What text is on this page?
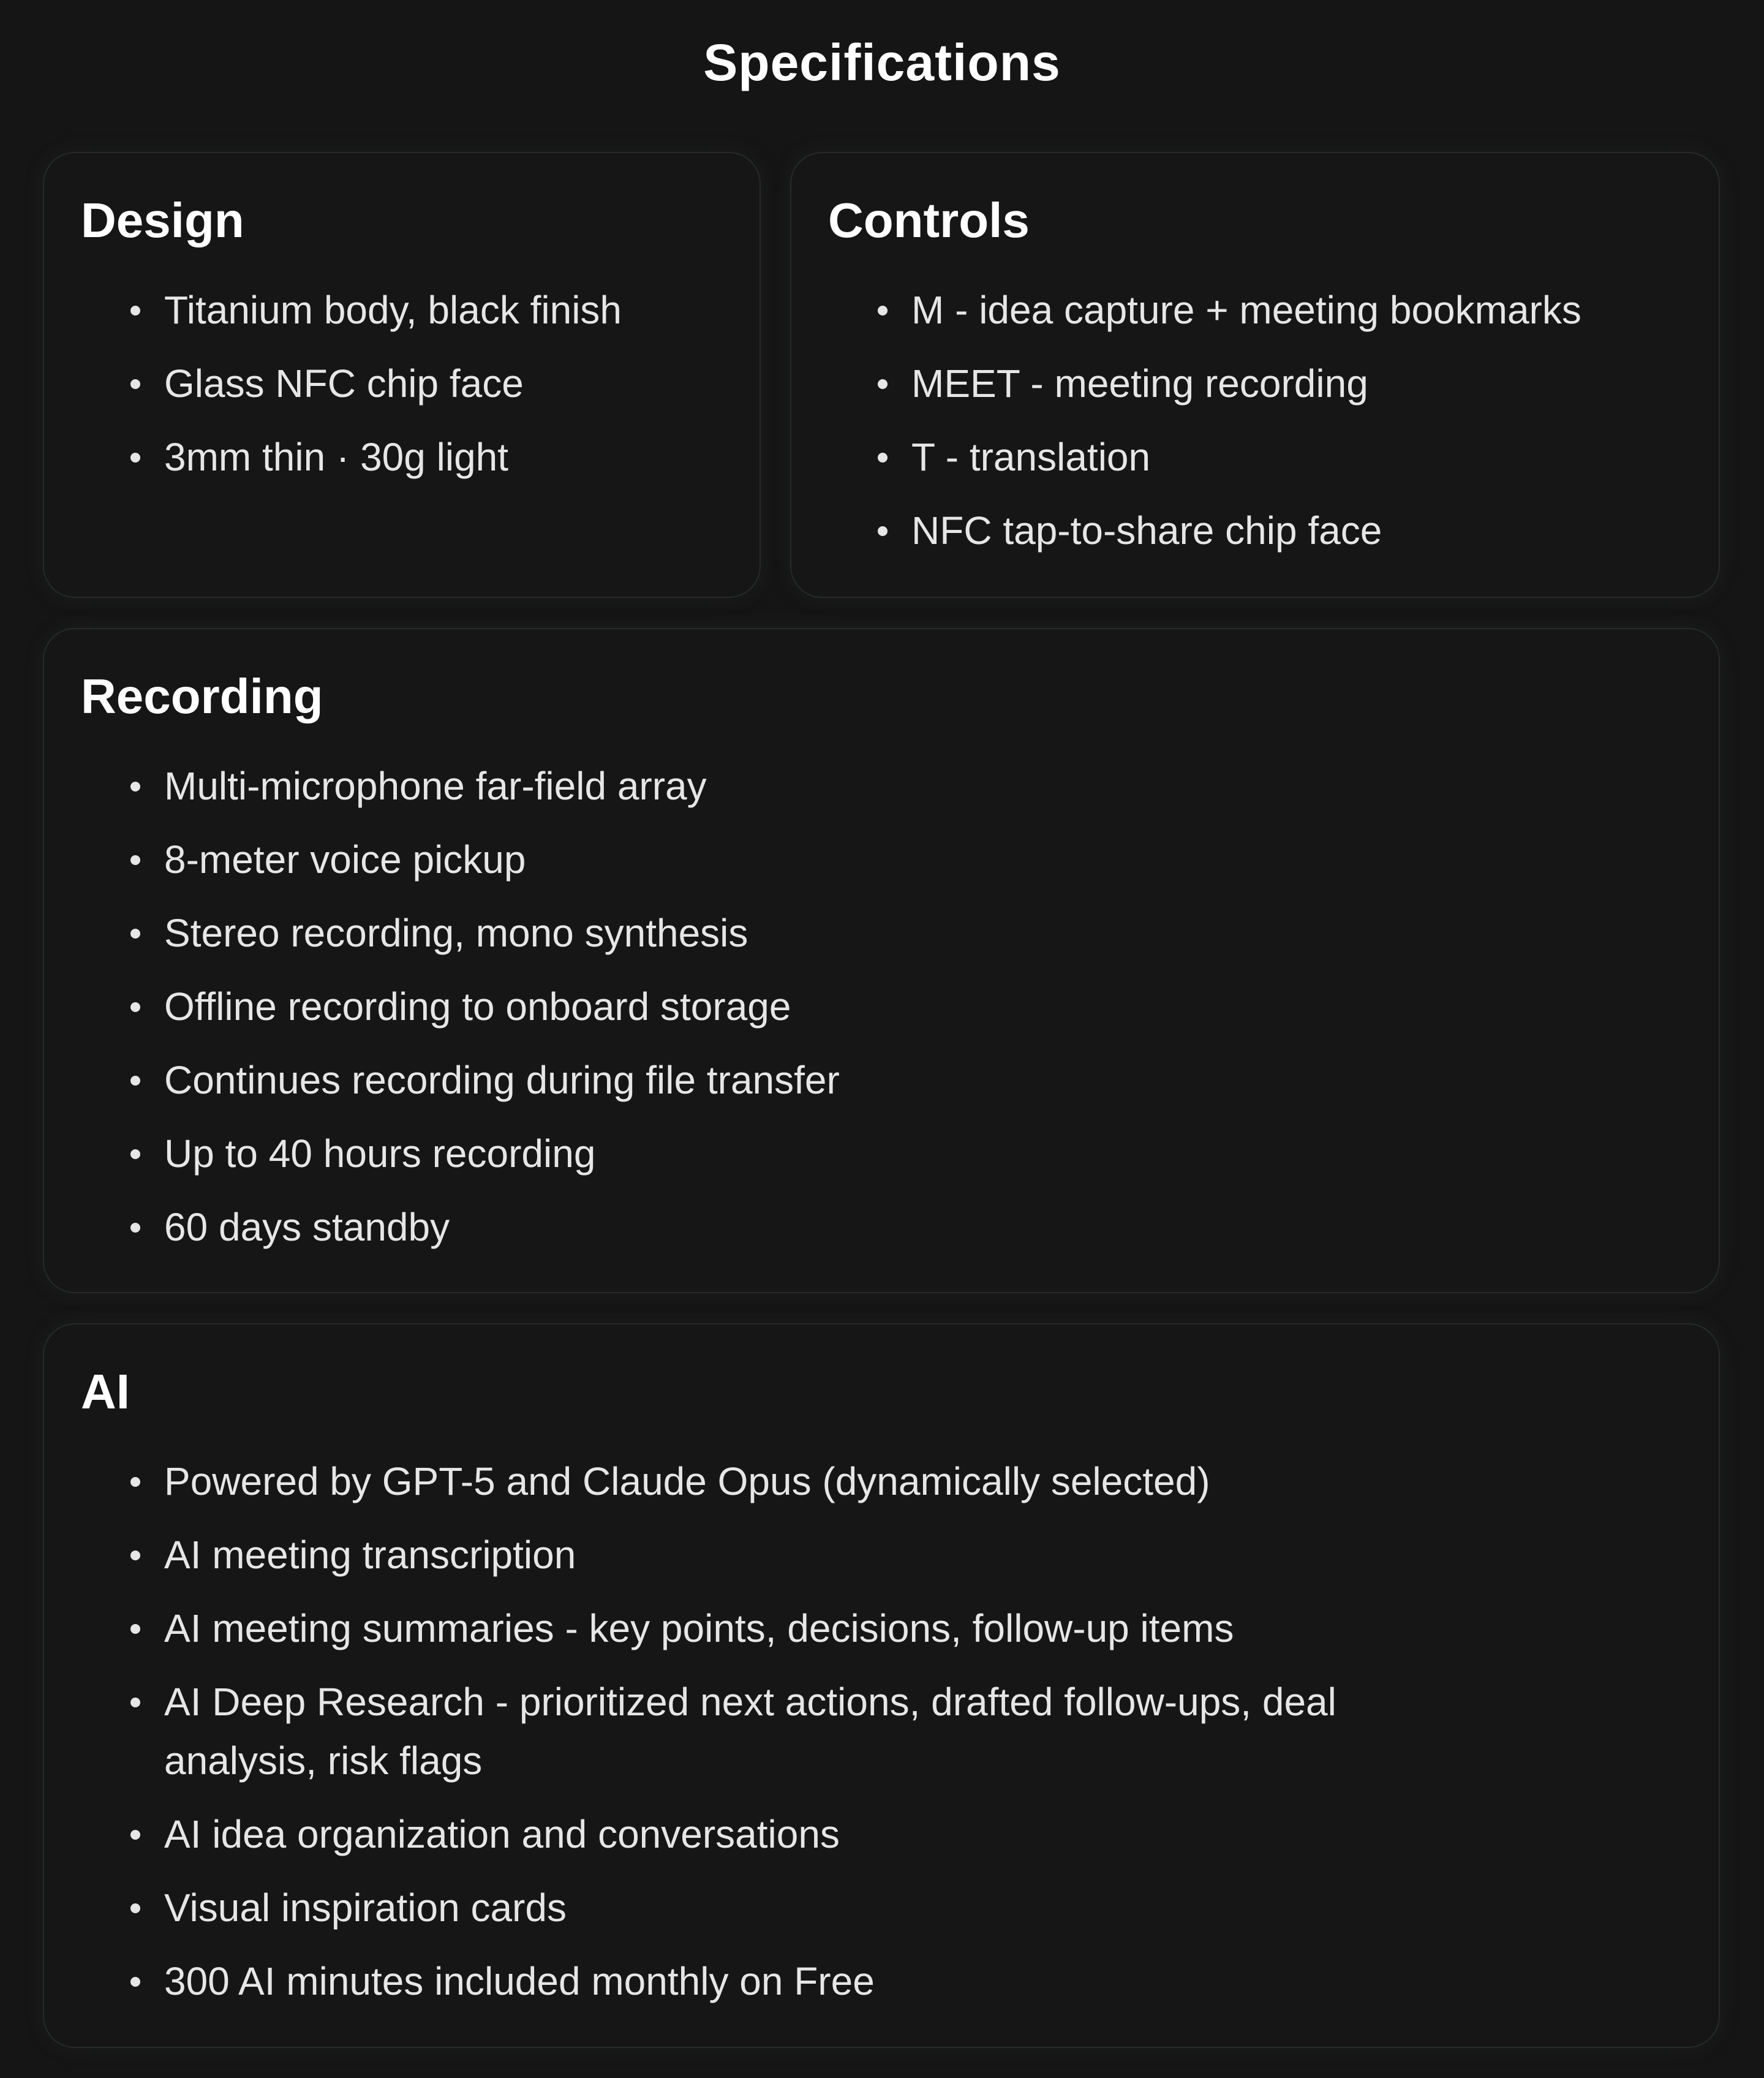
Specifications
Design
Titanium body, black finish
Glass NFC chip face
3mm thin · 30g light
Controls
M - idea capture + meeting bookmarks
MEET - meeting recording
T - translation
NFC tap-to-share chip face
Recording
Multi-microphone far-field array
8-meter voice pickup
Stereo recording, mono synthesis
Offline recording to onboard storage
Continues recording during file transfer
Up to 40 hours recording
60 days standby
AI
Powered by GPT-5 and Claude Opus (dynamically selected)
AI meeting transcription
AI meeting summaries - key points, decisions, follow-up items
AI Deep Research - prioritized next actions, drafted follow-ups, deal analysis, risk flags
AI idea organization and conversations
Visual inspiration cards
300 AI minutes included monthly on Free
